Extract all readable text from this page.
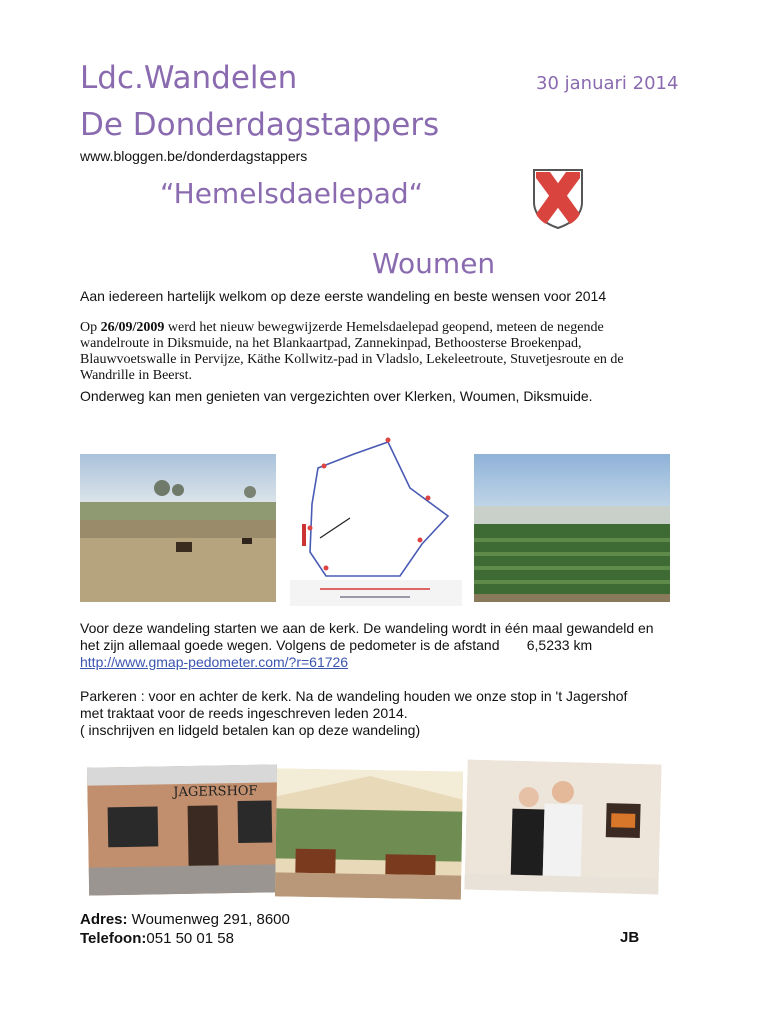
Ldc.Wandelen
De Donderdagstappers
30 januari 2014
www.bloggen.be/donderdagstappers
“Hemelsdaelepad“
Woumen
Aan iedereen hartelijk welkom op deze eerste wandeling en beste wensen voor 2014
Op 26/09/2009 werd het nieuw bewegwijzerde Hemelsdaelepad geopend, meteen de negende wandelroute in Diksmuide, na het Blankaartpad, Zannekinpad, Bethoosterse Broekenpad, Blauwvoetswalle in Pervijze, Käthe Kollwitz-pad in Vladslo, Lekeleetroute, Stuvetjesroute en de Wandrille in Beerst.
Onderweg kan men genieten van vergezichten over Klerken, Woumen, Diksmuide.
Voor deze wandeling starten we aan de kerk. De wandeling wordt in één maal gewandeld en
het zijn allemaal goede wegen. Volgens de pedometer is de afstand 6,5233 km
http://www.gmap-pedometer.com/?r=61726
Parkeren : voor en achter de kerk. Na de wandeling houden we onze stop in 't Jagershof
met traktaat voor de reeds ingeschreven leden 2014.
( inschrijven en lidgeld betalen kan op deze wandeling)
JAGERSHOF
Adres: Woumenweg 291, 8600
Telefoon:051 50 01 58	JB
